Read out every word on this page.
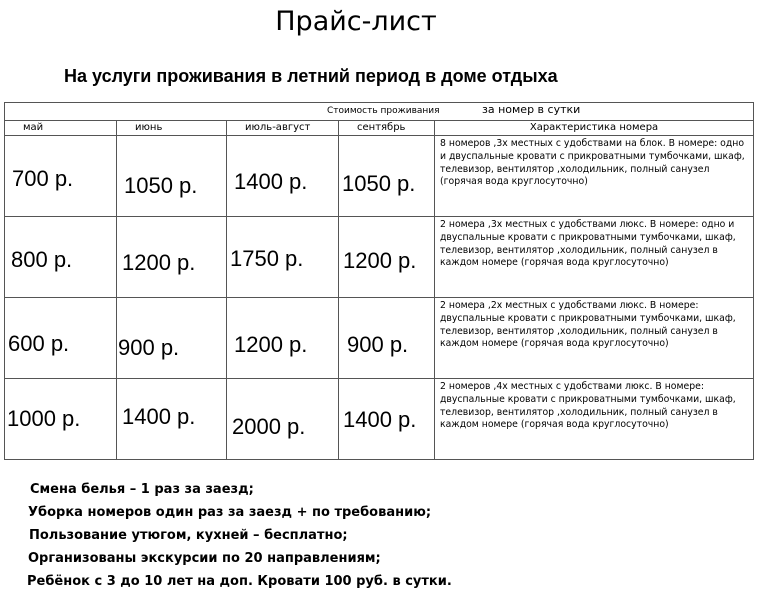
Прайс-лист
На услуги проживания в летний период в доме отдыха
Стоимость проживания за номер в сутки				

май	июнь	июль-август	сентябрь	Характеристика номера

700 р.	1050 р.	1400 р.	1050 р.	8 номеров ,3х местных с удобствами на блок. В номере: одно и двуспальные кровати с прикроватными тумбочками, шкаф, телевизор, вентилятор ,холодильник, полный санузел (горячая вода круглосуточно)

800 р.	1200 р.	1750 р.	1200 р.	2 номера ,3х местных с удобствами люкс. В номере: одно и двуспальные кровати с прикроватными тумбочками, шкаф, телевизор, вентилятор ,холодильник, полный санузел в каждом номере (горячая вода круглосуточно)

600 р.	900 р.	1200 р.	900 р.	2 номера ,2х местных с удобствами люкс. В номере: двуспальные кровати с прикроватными тумбочками, шкаф, телевизор, вентилятор ,холодильник, полный санузел в каждом номере (горячая вода круглосуточно)

1000 р.	1400 р.	2000 р.	1400 р.	2 номеров ,4х местных с удобствами люкс. В номере: двуспальные кровати с прикроватными тумбочками, шкаф, телевизор, вентилятор ,холодильник, полный санузел в каждом номере (горячая вода круглосуточно)
Смена белья – 1 раз за заезд;
Уборка номеров один раз за заезд + по требованию;
Пользование утюгом, кухней – бесплатно;
Организованы экскурсии по 20 направлениям;
Ребёнок с 3 до 10 лет на доп. Кровати 100 руб. в сутки.
